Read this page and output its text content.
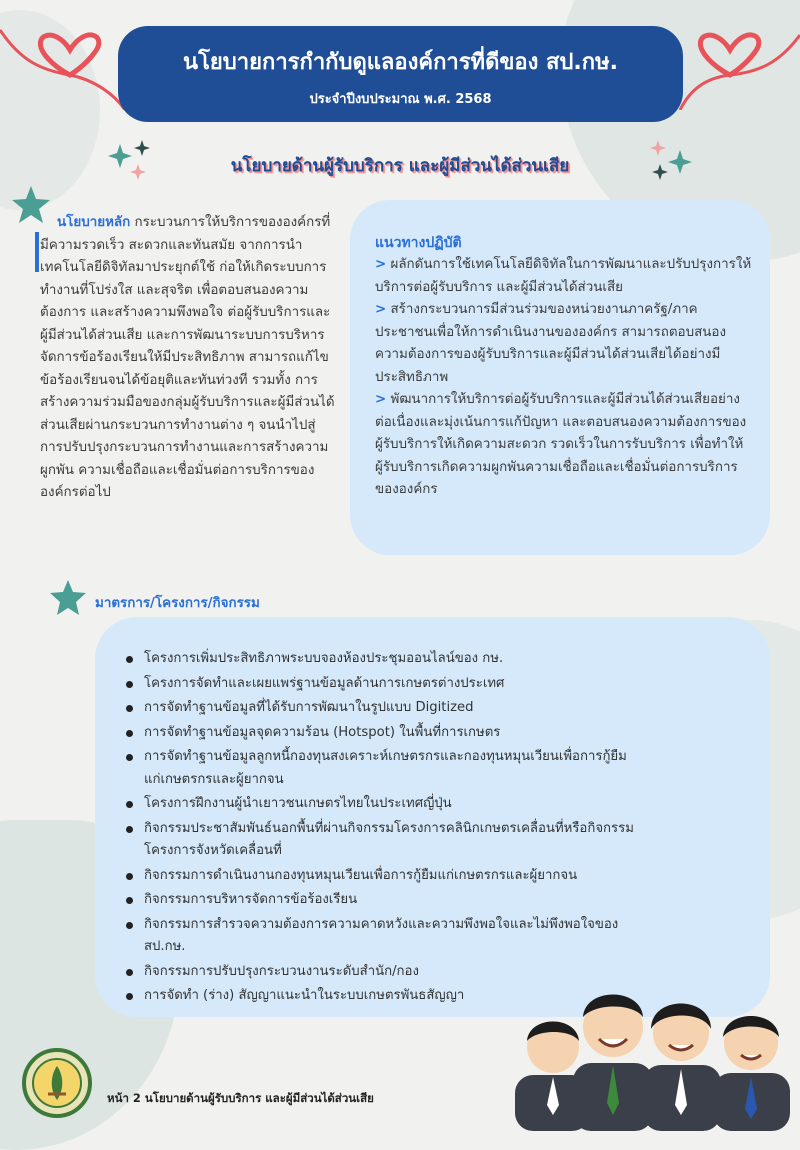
นโยบายการกำกับดูแลองค์การที่ดีของ สป.กษ.
ประจำปีงบประมาณ พ.ศ. 2568
นโยบายด้านผู้รับบริการ และผู้มีส่วนได้ส่วนเสีย
นโยบายหลัก กระบวนการให้บริการขององค์กรที่มีความรวดเร็ว สะดวกและทันสมัย จากการนำเทคโนโลยีดิจิทัลมาประยุกต์ใช้ ก่อให้เกิดระบบการทำงานที่โปร่งใส และสุจริต เพื่อตอบสนองความต้องการ และสร้างความพึงพอใจ ต่อผู้รับบริการและผู้มีส่วนได้ส่วนเสีย และการพัฒนาระบบการบริหารจัดการข้อร้องเรียนให้มีประสิทธิภาพ สามารถแก้ไขข้อร้องเรียนจนได้ข้อยุติและทันท่วงที รวมทั้ง การสร้างความร่วมมือของกลุ่มผู้รับบริการและผู้มีส่วนได้ส่วนเสียผ่านกระบวนการทำงานต่าง ๆ จนนำไปสู่การปรับปรุงกระบวนการทำงานและการสร้างความผูกพัน ความเชื่อถือและเชื่อมั่นต่อการบริการขององค์กรต่อไป
แนวทางปฏิบัติ
> ผลักดันการใช้เทคโนโลยีดิจิทัลในการพัฒนาและปรับปรุงการให้บริการต่อผู้รับบริการ และผู้มีส่วนได้ส่วนเสีย
> สร้างกระบวนการมีส่วนร่วมของหน่วยงานภาครัฐ/ภาคประชาชนเพื่อให้การดำเนินงานขององค์กร สามารถตอบสนองความต้องการของผู้รับบริการและผู้มีส่วนได้ส่วนเสียได้อย่างมีประสิทธิภาพ
> พัฒนาการให้บริการต่อผู้รับบริการและผู้มีส่วนได้ส่วนเสียอย่างต่อเนื่องและมุ่งเน้นการแก้ปัญหา และตอบสนองความต้องการของผู้รับบริการให้เกิดความสะดวก รวดเร็วในการรับบริการ เพื่อทำให้ผู้รับบริการเกิดความผูกพันความเชื่อถือและเชื่อมั่นต่อการบริการขององค์กร
มาตรการ/โครงการ/กิจกรรม
โครงการเพิ่มประสิทธิภาพระบบจองห้องประชุมออนไลน์ของ กษ.
โครงการจัดทำและเผยแพร่ฐานข้อมูลด้านการเกษตรต่างประเทศ
การจัดทำฐานข้อมูลที่ได้รับการพัฒนาในรูปแบบ Digitized
การจัดทำฐานข้อมูลจุดความร้อน (Hotspot) ในพื้นที่การเกษตร
การจัดทำฐานข้อมูลลูกหนี้กองทุนสงเคราะห์เกษตรกรและกองทุนหมุนเวียนเพื่อการกู้ยืมแก่เกษตรกรและผู้ยากจน
โครงการฝึกงานผู้นำเยาวชนเกษตรไทยในประเทศญี่ปุ่น
กิจกรรมประชาสัมพันธ์นอกพื้นที่ผ่านกิจกรรมโครงการคลินิกเกษตรเคลื่อนที่หรือกิจกรรมโครงการจังหวัดเคลื่อนที่
กิจกรรมการดำเนินงานกองทุนหมุนเวียนเพื่อการกู้ยืมแก่เกษตรกรและผู้ยากจน
กิจกรรมการบริหารจัดการข้อร้องเรียน
กิจกรรมการสำรวจความต้องการความคาดหวังและความพึงพอใจและไม่พึงพอใจของ สป.กษ.
กิจกรรมการปรับปรุงกระบวนงานระดับสำนัก/กอง
การจัดทำ (ร่าง) สัญญาแนะนำในระบบเกษตรพันธสัญญา
หน้า 2 นโยบายด้านผู้รับบริการ และผู้มีส่วนได้ส่วนเสีย
